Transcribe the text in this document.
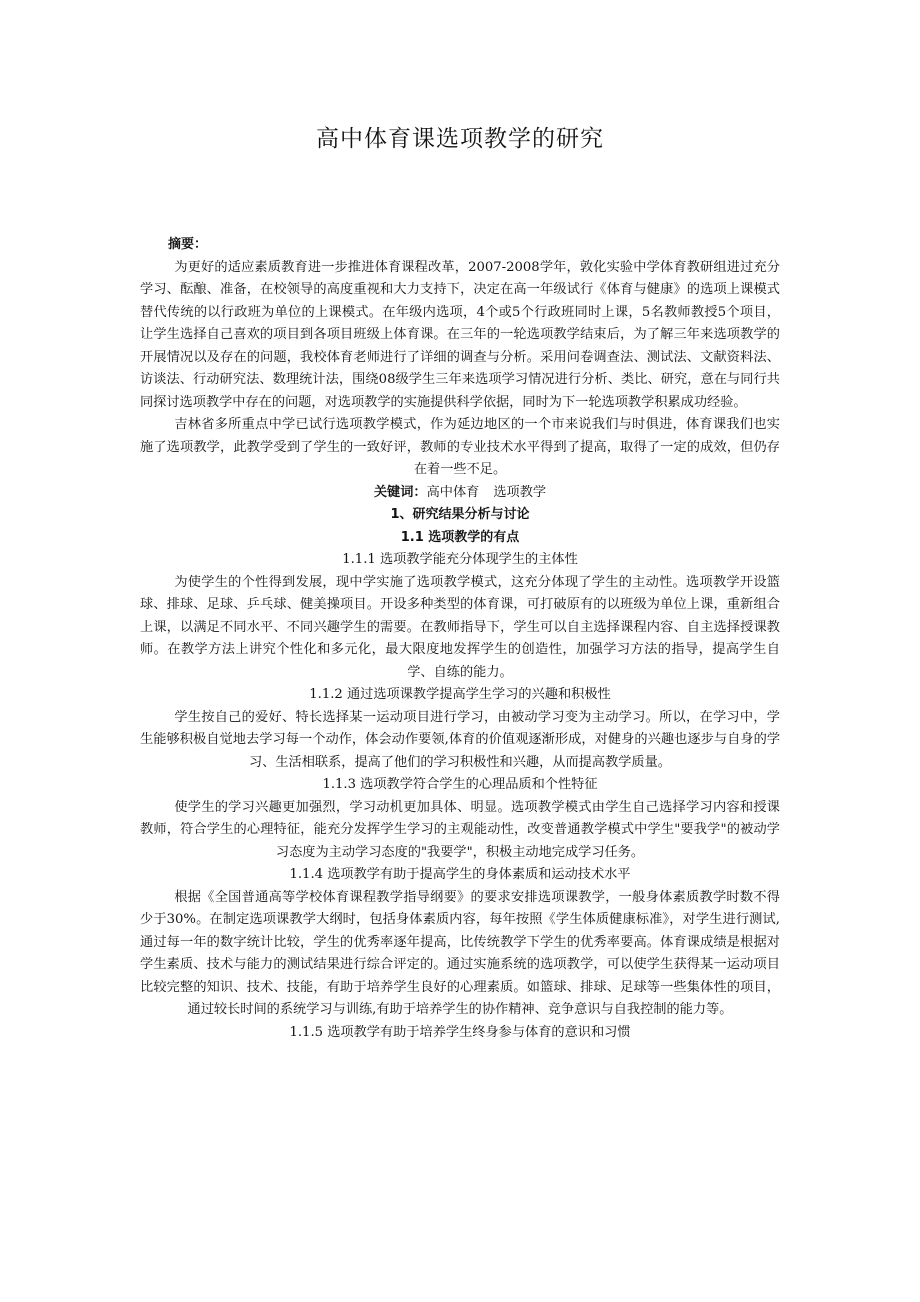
高中体育课选项教学的研究

摘要：

为更好的适应素质教育进一步推进体育课程改革，2007-2008学年，敦化实验中学体育教研组进过充分学习、酝酿、准备，在校领导的高度重视和大力支持下，决定在高一年级试行《体育与健康》的选项上课模式替代传统的以行政班为单位的上课模式。在年级内选项，4个或5个行政班同时上课，5名教师教授5个项目，让学生选择自己喜欢的项目到各项目班级上体育课。在三年的一轮选项教学结束后，为了解三年来选项教学的开展情况以及存在的问题，我校体育老师进行了详细的调查与分析。采用问卷调查法、测试法、文献资料法、访谈法、行动研究法、数理统计法，围绕08级学生三年来选项学习情况进行分析、类比、研究，意在与同行共同探讨选项教学中存在的问题，对选项教学的实施提供科学依据，同时为下一轮选项教学积累成功经验。

吉林省多所重点中学已试行选项教学模式，作为延边地区的一个市来说我们与时俱进，体育课我们也实施了选项教学，此教学受到了学生的一致好评，教师的专业技术水平得到了提高，取得了一定的成效，但仍存在着一些不足。

关键词：高中体育 选项教学

1、研究结果分析与讨论

1.1 选项教学的有点

1.1.1 选项教学能充分体现学生的主体性

为使学生的个性得到发展，现中学实施了选项教学模式，这充分体现了学生的主动性。选项教学开设篮球、排球、足球、乒乓球、健美操项目。开设多种类型的体育课，可打破原有的以班级为单位上课，重新组合上课，以满足不同水平、不同兴趣学生的需要。在教师指导下，学生可以自主选择课程内容、自主选择授课教师。在教学方法上讲究个性化和多元化，最大限度地发挥学生的创造性，加强学习方法的指导，提高学生自学、自练的能力。

1.1.2 通过选项课教学提高学生学习的兴趣和积极性

学生按自己的爱好、特长选择某一运动项目进行学习，由被动学习变为主动学习。所以，在学习中，学生能够积极自觉地去学习每一个动作，体会动作要领,体育的价值观逐渐形成，对健身的兴趣也逐步与自身的学习、生活相联系，提高了他们的学习积极性和兴趣，从而提高教学质量。

1.1.3 选项教学符合学生的心理品质和个性特征

使学生的学习兴趣更加强烈，学习动机更加具体、明显。选项教学模式由学生自己选择学习内容和授课教师，符合学生的心理特征，能充分发挥学生学习的主观能动性，改变普通教学模式中学生"要我学"的被动学习态度为主动学习态度的"我要学"，积极主动地完成学习任务。

1.1.4 选项教学有助于提高学生的身体素质和运动技术水平

根据《全国普通高等学校体育课程教学指导纲要》的要求安排选项课教学，一般身体素质教学时数不得少于30%。在制定选项课教学大纲时，包括身体素质内容，每年按照《学生体质健康标准》，对学生进行测试,通过每一年的数字统计比较，学生的优秀率逐年提高，比传统教学下学生的优秀率要高。体育课成绩是根据对学生素质、技术与能力的测试结果进行综合评定的。通过实施系统的选项教学，可以使学生获得某一运动项目比较完整的知识、技术、技能，有助于培养学生良好的心理素质。如篮球、排球、足球等一些集体性的项目，通过较长时间的系统学习与训练,有助于培养学生的协作精神、竞争意识与自我控制的能力等。

1.1.5 选项教学有助于培养学生终身参与体育的意识和习惯
